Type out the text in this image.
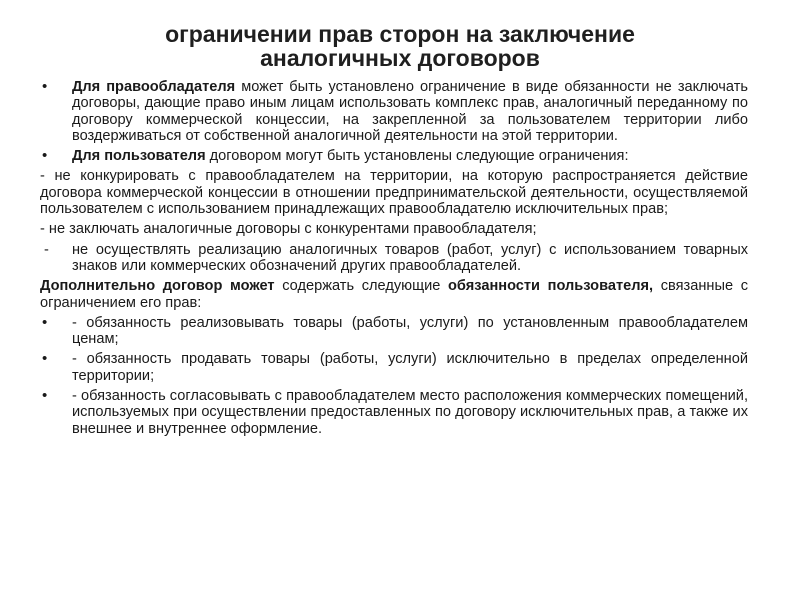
ограничении прав сторон на заключение
аналогичных договоров
• Для правообладателя может быть установлено ограничение в виде обязанности не заключать договоры, дающие право иным лицам использовать комплекс прав, аналогичный переданному по договору коммерческой концессии, на закрепленной за пользователем территории либо воздерживаться от собственной аналогичной деятельности на этой территории.
• Для пользователя договором могут быть установлены следующие ограничения:
- не конкурировать с правообладателем на территории, на которую распространяется действие договора коммерческой концессии в отношении предпринимательской деятельности, осуществляемой пользователем с использованием принадлежащих правообладателю исключительных прав;
- не заключать аналогичные договоры с конкурентами правообладателя;
- не осуществлять реализацию аналогичных товаров (работ, услуг) с использованием товарных знаков или коммерческих обозначений других правообладателей.
Дополнительно договор может содержать следующие обязанности пользователя, связанные с ограничением его прав:
• - обязанность реализовывать товары (работы, услуги) по установленным правообладателем ценам;
• - обязанность продавать товары (работы, услуги) исключительно в пределах определенной территории;
• - обязанность согласовывать с правообладателем место расположения коммерческих помещений, используемых при осуществлении предоставленных по договору исключительных прав, а также их внешнее и внутреннее оформление.
